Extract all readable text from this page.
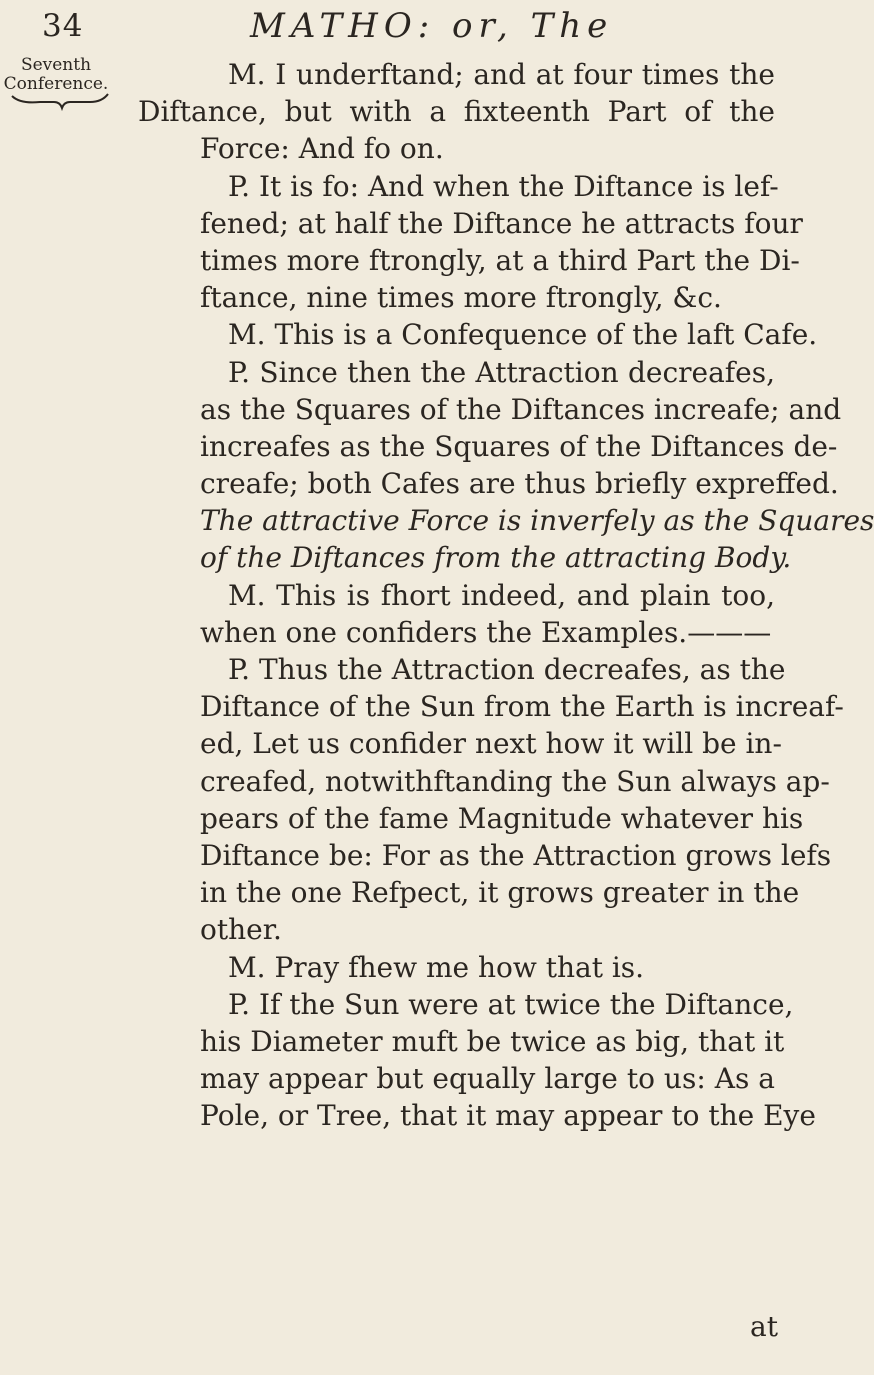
34	MATHO: or, The
Seventh
Conference.	M. I underftand; and at four times the
Diftance, but with a fixteenth Part of the
Force: And fo on.
P. It is fo: And when the Diftance is lef-
fened; at half the Diftance he attracts four
times more ftrongly, at a third Part the Di-
ftance, nine times more ftrongly, &c.
M. This is a Confequence of the laft Cafe.
P. Since then the Attraction decreafes,
as the Squares of the Diftances increafe; and
increafes as the Squares of the Diftances de-
creafe; both Cafes are thus briefly expreffed.
The attractive Force is inverfely as the Squares
of the Diftances from the attracting Body.
M. This is fhort indeed, and plain too,
when one confiders the Examples.———
P. Thus the Attraction decreafes, as the
Diftance of the Sun from the Earth is increaf-
ed, Let us confider next how it will be in-
creafed, notwithftanding the Sun always ap-
pears of the fame Magnitude whatever his
Diftance be: For as the Attraction grows lefs
in the one Refpect, it grows greater in the
other.
M. Pray fhew me how that is.
P. If the Sun were at twice the Diftance,
his Diameter muft be twice as big, that it
may appear but equally large to us: As a
Pole, or Tree, that it may appear to the Eye
at
